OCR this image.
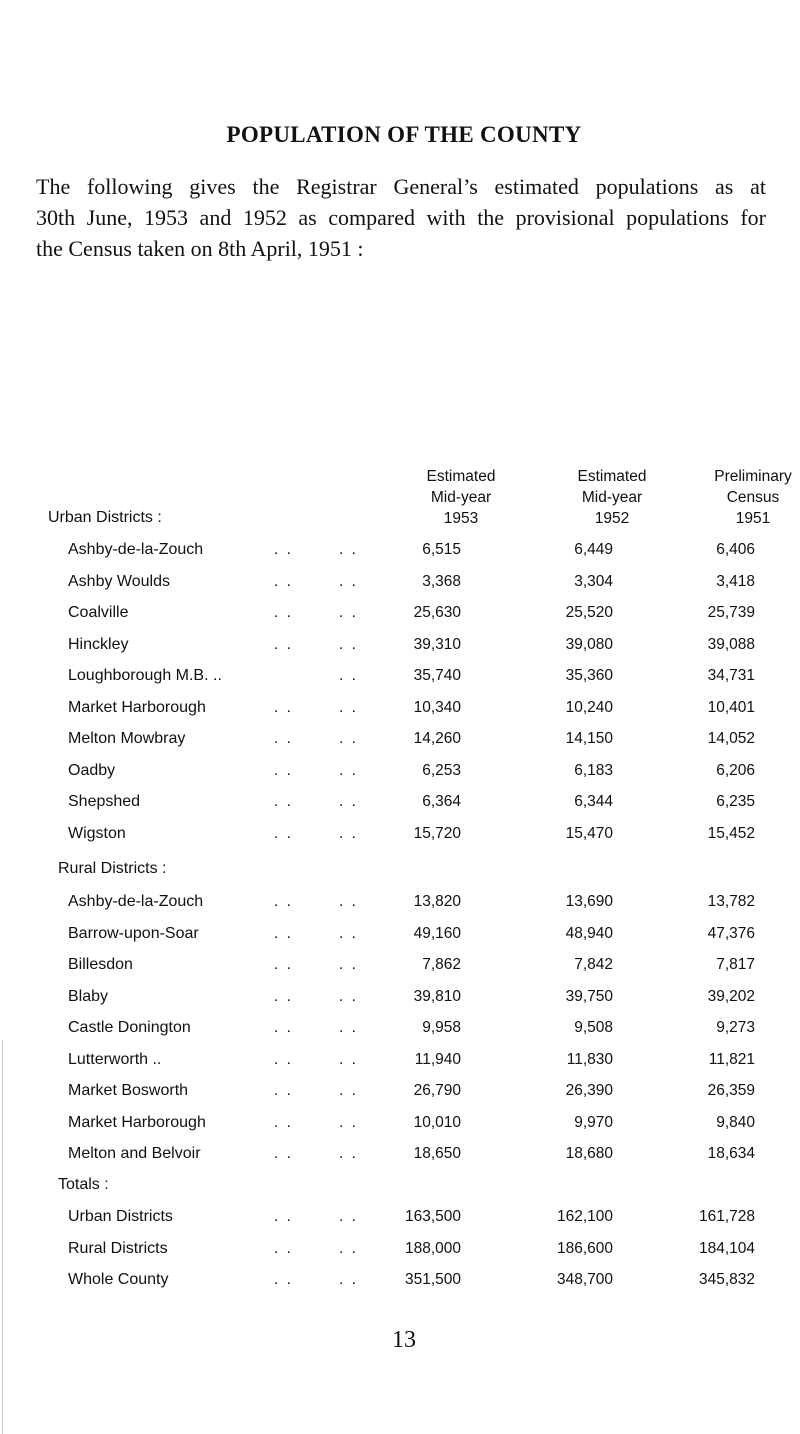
POPULATION OF THE COUNTY
The following gives the Registrar General’s estimated populations as at
30th June, 1953 and 1952 as compared with the provisional populations for
the Census taken on 8th April, 1951 :
Estimated
Mid-year
1953
Estimated
Mid-year
1952
Preliminary
Census
1951
Urban Districts :
Ashby-de-la-Zouch	. .	. .	6,515	6,449	6,406
Ashby Woulds	. .	. .	3,368	3,304	3,418
Coalville	. .	. .	25,630	25,520	25,739
Hinckley	. .	. .	39,310	39,080	39,088
Loughborough M.B. ..	. .	35,740	35,360	34,731
Market Harborough	. .	. .	10,340	10,240	10,401
Melton Mowbray	. .	. .	14,260	14,150	14,052
Oadby	. .	. .	6,253	6,183	6,206
Shepshed	. .	. .	6,364	6,344	6,235
Wigston	. .	. .	15,720	15,470	15,452
Rural Districts :
Ashby-de-la-Zouch	. .	. .	13,820	13,690	13,782
Barrow-upon-Soar	. .	. .	49,160	48,940	47,376
Billesdon	. .	. .	7,862	7,842	7,817
Blaby	. .	. .	39,810	39,750	39,202
Castle Donington	. .	. .	9,958	9,508	9,273
Lutterworth ..	. .	. .	11,940	11,830	11,821
Market Bosworth	. .	. .	26,790	26,390	26,359
Market Harborough	. .	. .	10,010	9,970	9,840
Melton and Belvoir	. .	. .	18,650	18,680	18,634
Totals :
Urban Districts	. .	. .	163,500	162,100	161,728
Rural Districts	. .	. .	188,000	186,600	184,104
Whole County	. .	. .	351,500	348,700	345,832
13
